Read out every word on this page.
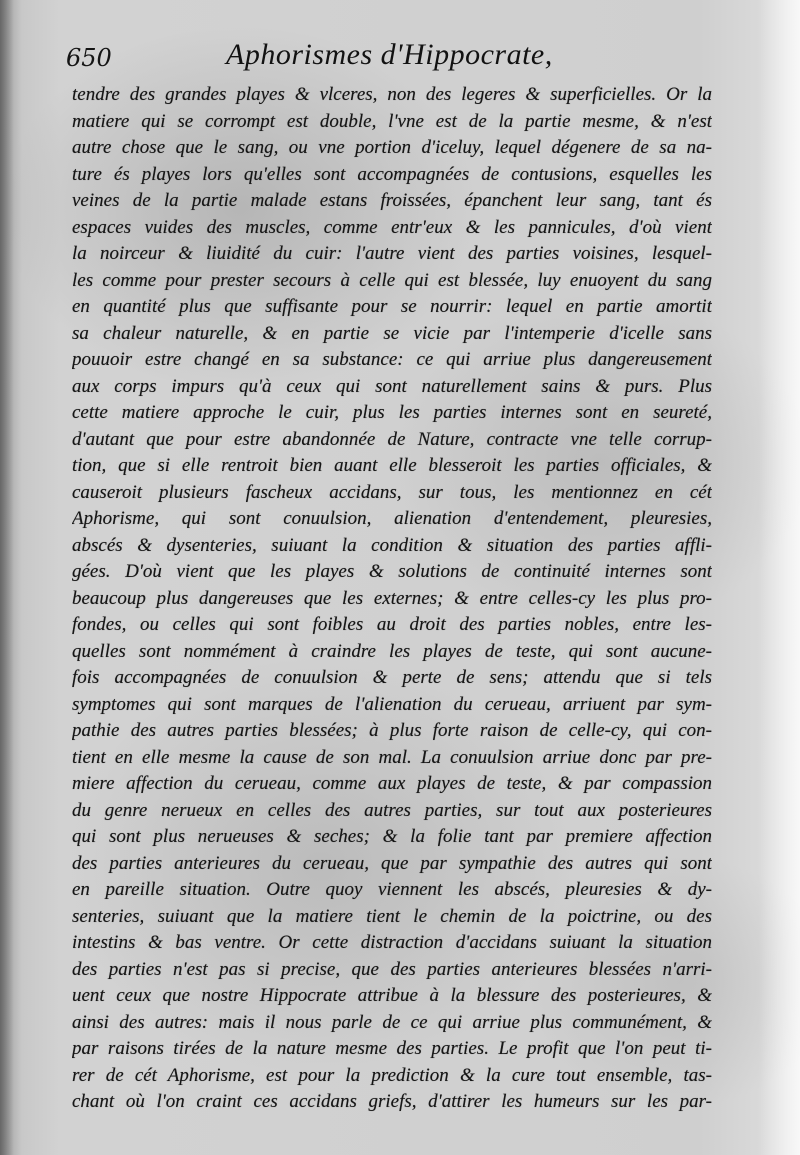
650	Aphorismes d'Hippocrate,
tendre des grandes playes & vlceres, non des legeres & superficielles. Or la
matiere qui se corrompt est double, l'vne est de la partie mesme, & n'est
autre chose que le sang, ou vne portion d'iceluy, lequel dégenere de sa na-
ture és playes lors qu'elles sont accompagnées de contusions, esquelles les
veines de la partie malade estans froissées, épanchent leur sang, tant és
espaces vuides des muscles, comme entr'eux & les pannicules, d'où vient
la noirceur & liuidité du cuir: l'autre vient des parties voisines, lesquel-
les comme pour prester secours à celle qui est blessée, luy enuoyent du sang
en quantité plus que suffisante pour se nourrir: lequel en partie amortit
sa chaleur naturelle, & en partie se vicie par l'intemperie d'icelle sans
pouuoir estre changé en sa substance: ce qui arriue plus dangereusement
aux corps impurs qu'à ceux qui sont naturellement sains & purs. Plus
cette matiere approche le cuir, plus les parties internes sont en seureté,
d'autant que pour estre abandonnée de Nature, contracte vne telle corrup-
tion, que si elle rentroit bien auant elle blesseroit les parties officiales, &
causeroit plusieurs fascheux accidans, sur tous, les mentionnez en cét
Aphorisme, qui sont conuulsion, alienation d'entendement, pleuresies,
abscés & dysenteries, suiuant la condition & situation des parties affli-
gées. D'où vient que les playes & solutions de continuité internes sont
beaucoup plus dangereuses que les externes; & entre celles-cy les plus pro-
fondes, ou celles qui sont foibles au droit des parties nobles, entre les-
quelles sont nommément à craindre les playes de teste, qui sont aucune-
fois accompagnées de conuulsion & perte de sens; attendu que si tels
symptomes qui sont marques de l'alienation du cerueau, arriuent par sym-
pathie des autres parties blessées; à plus forte raison de celle-cy, qui con-
tient en elle mesme la cause de son mal. La conuulsion arriue donc par pre-
miere affection du cerueau, comme aux playes de teste, & par compassion
du genre nerueux en celles des autres parties, sur tout aux posterieures
qui sont plus nerueuses & seches; & la folie tant par premiere affection
des parties anterieures du cerueau, que par sympathie des autres qui sont
en pareille situation. Outre quoy viennent les abscés, pleuresies & dy-
senteries, suiuant que la matiere tient le chemin de la poictrine, ou des
intestins & bas ventre. Or cette distraction d'accidans suiuant la situation
des parties n'est pas si precise, que des parties anterieures blessées n'arri-
uent ceux que nostre Hippocrate attribue à la blessure des posterieures, &
ainsi des autres: mais il nous parle de ce qui arriue plus communément, &
par raisons tirées de la nature mesme des parties. Le profit que l'on peut ti-
rer de cét Aphorisme, est pour la prediction & la cure tout ensemble, tas-
chant où l'on craint ces accidans griefs, d'attirer les humeurs sur les par-
